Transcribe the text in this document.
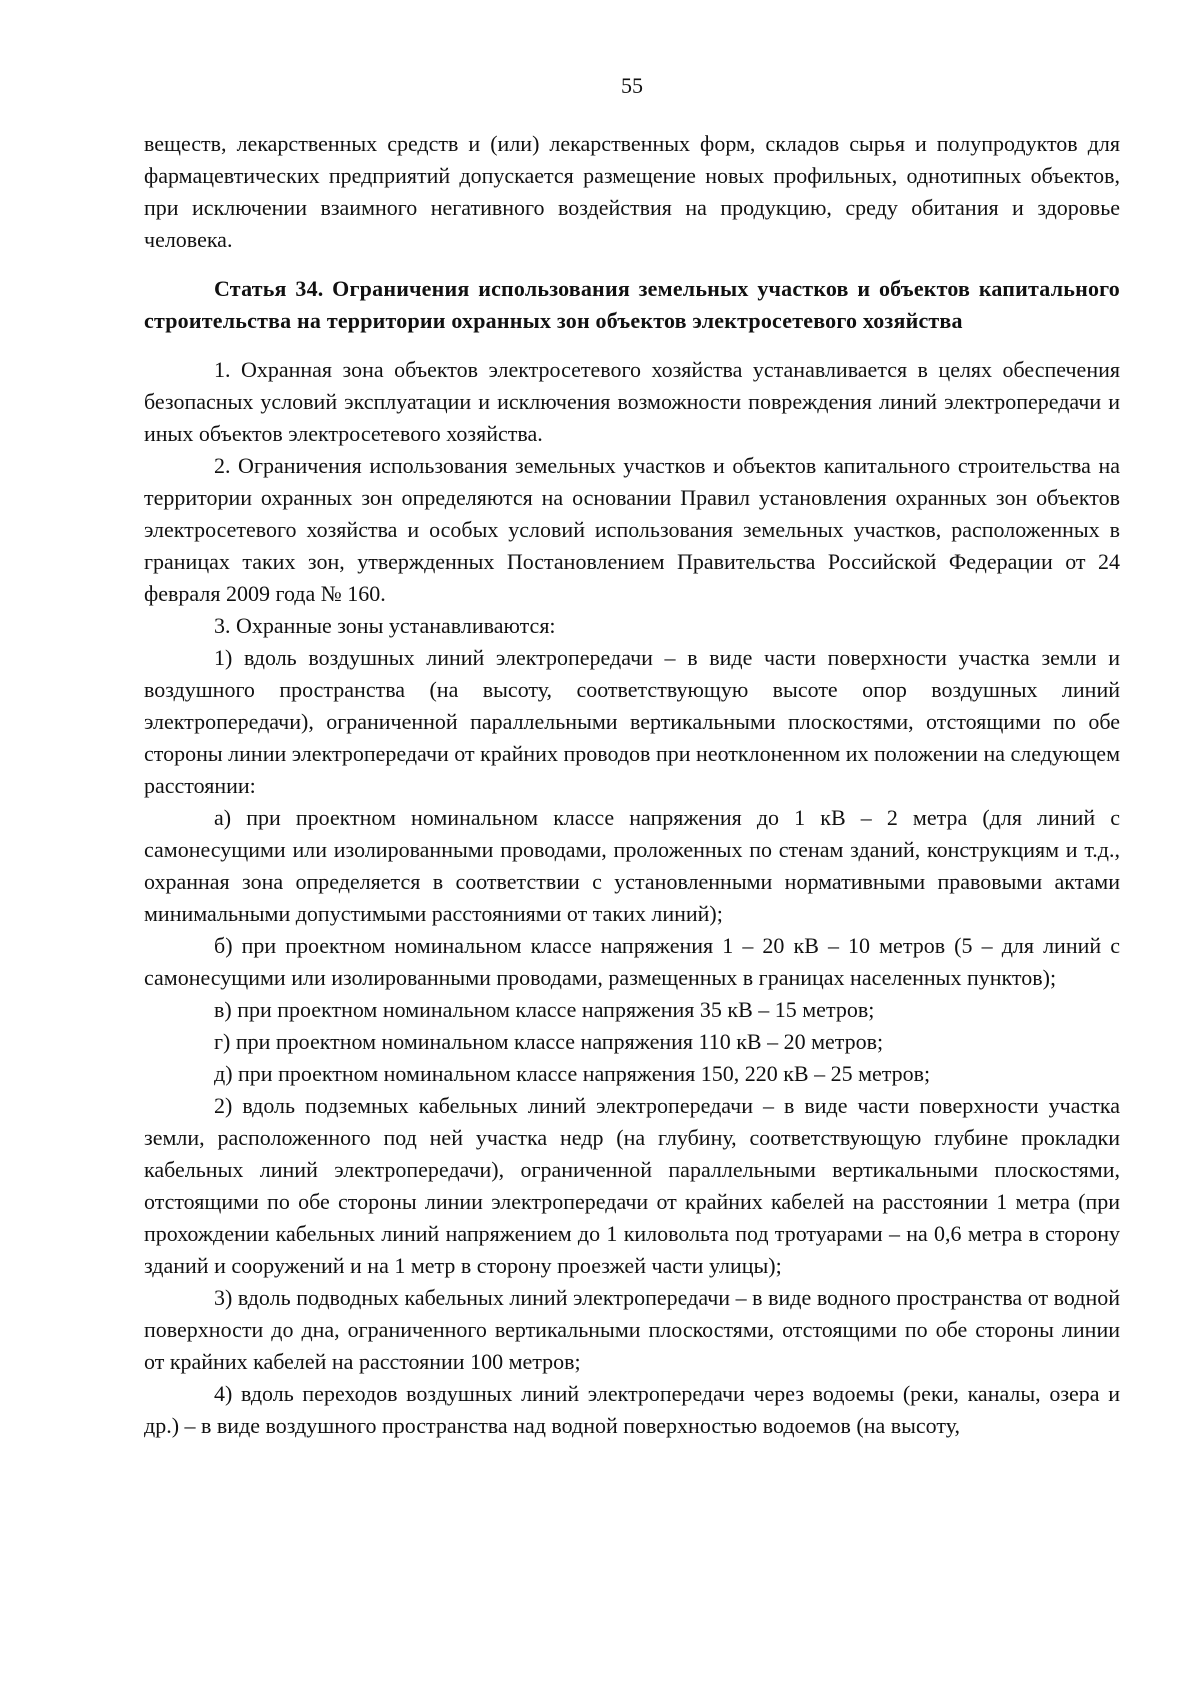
55

веществ, лекарственных средств и (или) лекарственных форм, складов сырья и полупродуктов для фармацевтических предприятий допускается размещение новых профильных, однотипных объектов, при исключении взаимного негативного воздействия на продукцию, среду обитания и здоровье человека.

Статья 34. Ограничения использования земельных участков и объектов капитального строительства на территории охранных зон объектов электросетевого хозяйства

1. Охранная зона объектов электросетевого хозяйства устанавливается в целях обеспечения безопасных условий эксплуатации и исключения возможности повреждения линий электропередачи и иных объектов электросетевого хозяйства.

2. Ограничения использования земельных участков и объектов капитального строительства на территории охранных зон определяются на основании Правил установления охранных зон объектов электросетевого хозяйства и особых условий использования земельных участков, расположенных в границах таких зон, утвержденных Постановлением Правительства Российской Федерации от 24 февраля 2009 года № 160.

3. Охранные зоны устанавливаются:

1) вдоль воздушных линий электропередачи – в виде части поверхности участка земли и воздушного пространства (на высоту, соответствующую высоте опор воздушных линий электропередачи), ограниченной параллельными вертикальными плоскостями, отстоящими по обе стороны линии электропередачи от крайних проводов при неотклоненном их положении на следующем расстоянии:

а) при проектном номинальном классе напряжения до 1 кВ – 2 метра (для линий с самонесущими или изолированными проводами, проложенных по стенам зданий, конструкциям и т.д., охранная зона определяется в соответствии с установленными нормативными правовыми актами минимальными допустимыми расстояниями от таких линий);

б) при проектном номинальном классе напряжения 1 – 20 кВ – 10 метров (5 – для линий с самонесущими или изолированными проводами, размещенных в границах населенных пунктов);

в) при проектном номинальном классе напряжения 35 кВ – 15 метров;

г) при проектном номинальном классе напряжения 110 кВ – 20 метров;

д) при проектном номинальном классе напряжения 150, 220 кВ – 25 метров;

2) вдоль подземных кабельных линий электропередачи – в виде части поверхности участка земли, расположенного под ней участка недр (на глубину, соответствующую глубине прокладки кабельных линий электропередачи), ограниченной параллельными вертикальными плоскостями, отстоящими по обе стороны линии электропередачи от крайних кабелей на расстоянии 1 метра (при прохождении кабельных линий напряжением до 1 киловольта под тротуарами – на 0,6 метра в сторону зданий и сооружений и на 1 метр в сторону проезжей части улицы);

3) вдоль подводных кабельных линий электропередачи – в виде водного пространства от водной поверхности до дна, ограниченного вертикальными плоскостями, отстоящими по обе стороны линии от крайних кабелей на расстоянии 100 метров;

4) вдоль переходов воздушных линий электропередачи через водоемы (реки, каналы, озера и др.) – в виде воздушного пространства над водной поверхностью водоемов (на высоту,
